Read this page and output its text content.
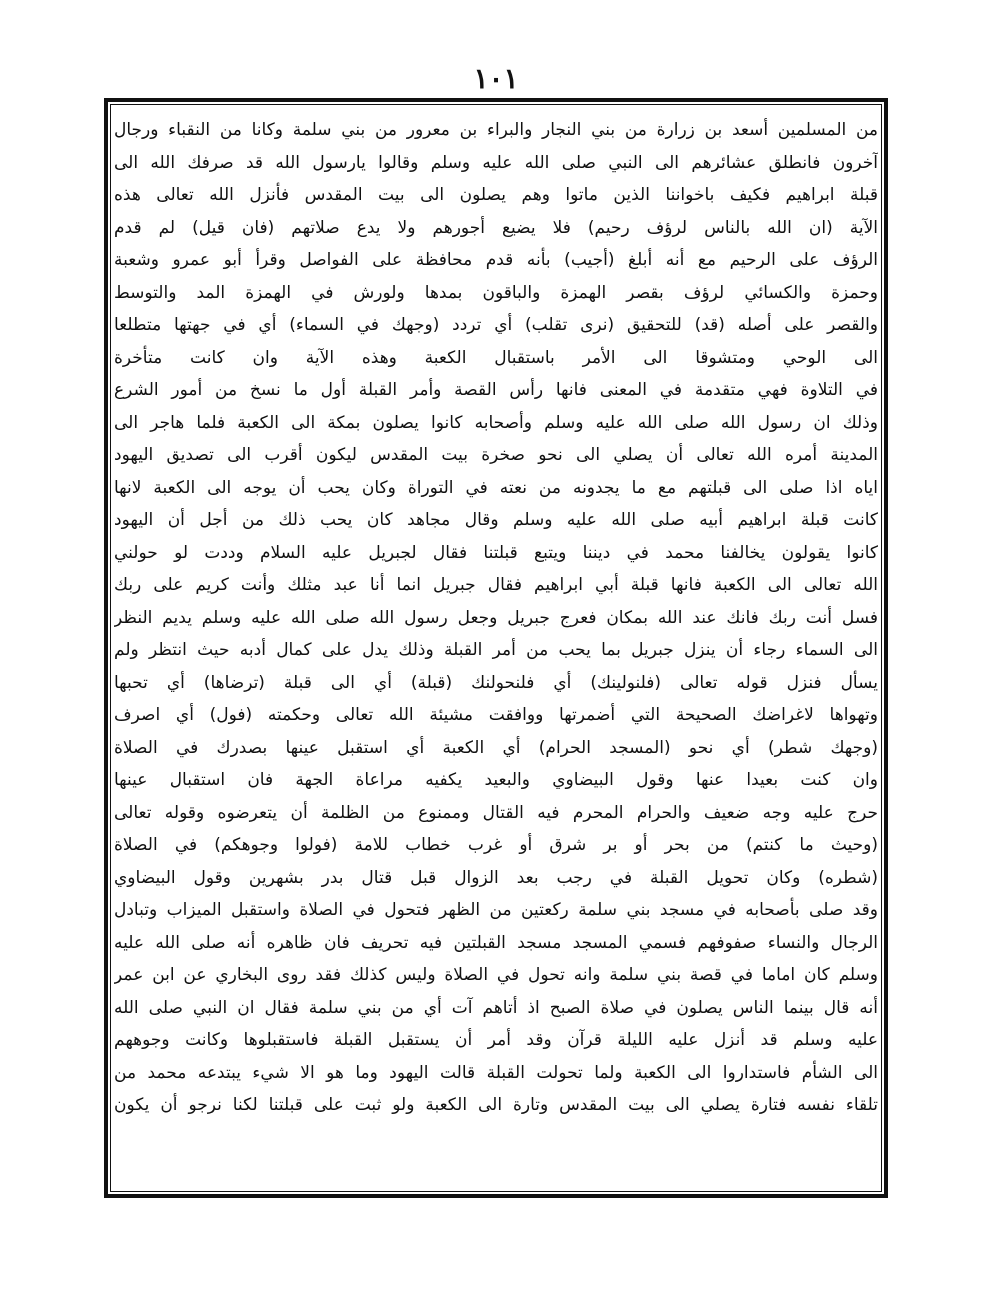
١٠١
من المسلمين أسعد بن زرارة من بني النجار والبراء بن معرور من بني سلمة وكانا من النقباء ورجال
آخرون فانطلق عشائرهم الى النبي صلى الله عليه وسلم وقالوا يارسول الله قد صرفك الله الى
قبلة ابراهيم فكيف باخواننا الذين ماتوا وهم يصلون الى بيت المقدس فأنزل الله تعالى هذه
الآية (ان الله بالناس لرؤف رحيم) فلا يضيع أجورهم ولا يدع صلاتهم (فان قيل) لم قدم
الرؤف على الرحيم مع أنه أبلغ (أجيب) بأنه قدم محافظة على الفواصل وقرأ أبو عمرو وشعبة
وحمزة والكسائي لرؤف بقصر الهمزة والباقون بمدها ولورش في الهمزة المد والتوسط
والقصر على أصله (قد) للتحقيق (نرى تقلب) أي تردد (وجهك في السماء) أي في جهتها متطلعا
الى الوحي ومتشوقا الى الأمر باستقبال الكعبة وهذه الآية وان كانت متأخرة
في التلاوة فهي متقدمة في المعنى فانها رأس القصة وأمر القبلة أول ما نسخ من أمور الشرع
وذلك ان رسول الله صلى الله عليه وسلم وأصحابه كانوا يصلون بمكة الى الكعبة فلما هاجر الى
المدينة أمره الله تعالى أن يصلي الى نحو صخرة بيت المقدس ليكون أقرب الى تصديق اليهود
اياه اذا صلى الى قبلتهم مع ما يجدونه من نعته في التوراة وكان يحب أن يوجه الى الكعبة لانها
كانت قبلة ابراهيم أبيه صلى الله عليه وسلم وقال مجاهد كان يحب ذلك من أجل أن اليهود
كانوا يقولون يخالفنا محمد في ديننا ويتبع قبلتنا فقال لجبريل عليه السلام وددت لو حولني
الله تعالى الى الكعبة فانها قبلة أبي ابراهيم فقال جبريل انما أنا عبد مثلك وأنت كريم على ربك
فسل أنت ربك فانك عند الله بمكان فعرج جبريل وجعل رسول الله صلى الله عليه وسلم يديم النظر
الى السماء رجاء أن ينزل جبريل بما يحب من أمر القبلة وذلك يدل على كمال أدبه حيث انتظر ولم
يسأل فنزل قوله تعالى (فلنولينك) أي فلنحولنك (قبلة) أي الى قبلة (ترضاها) أي تحبها
وتهواها لاغراضك الصحيحة التي أضمرتها ووافقت مشيئة الله تعالى وحكمته (فول) أي اصرف
(وجهك شطر) أي نحو (المسجد الحرام) أي الكعبة أي استقبل عينها بصدرك في الصلاة
وان كنت بعيدا عنها وقول البيضاوي والبعيد يكفيه مراعاة الجهة فان استقبال عينها
حرج عليه وجه ضعيف والحرام المحرم فيه القتال وممنوع من الظلمة أن يتعرضوه وقوله تعالى
(وحيث ما كنتم) من بحر أو بر شرق أو غرب خطاب للامة (فولوا وجوهكم) في الصلاة
(شطره) وكان تحويل القبلة في رجب بعد الزوال قبل قتال بدر بشهرين وقول البيضاوي
وقد صلى بأصحابه في مسجد بني سلمة ركعتين من الظهر فتحول في الصلاة واستقبل الميزاب وتبادل
الرجال والنساء صفوفهم فسمي المسجد مسجد القبلتين فيه تحريف فان ظاهره أنه صلى الله عليه
وسلم كان اماما في قصة بني سلمة وانه تحول في الصلاة وليس كذلك فقد روى البخاري عن ابن عمر
أنه قال بينما الناس يصلون في صلاة الصبح اذ أتاهم آت أي من بني سلمة فقال ان النبي صلى الله
عليه وسلم قد أنزل عليه الليلة قرآن وقد أمر أن يستقبل القبلة فاستقبلوها وكانت وجوههم
الى الشأم فاستداروا الى الكعبة ولما تحولت القبلة قالت اليهود وما هو الا شيء يبتدعه محمد من
تلقاء نفسه فتارة يصلي الى بيت المقدس وتارة الى الكعبة ولو ثبت على قبلتنا لكنا نرجو أن يكون
